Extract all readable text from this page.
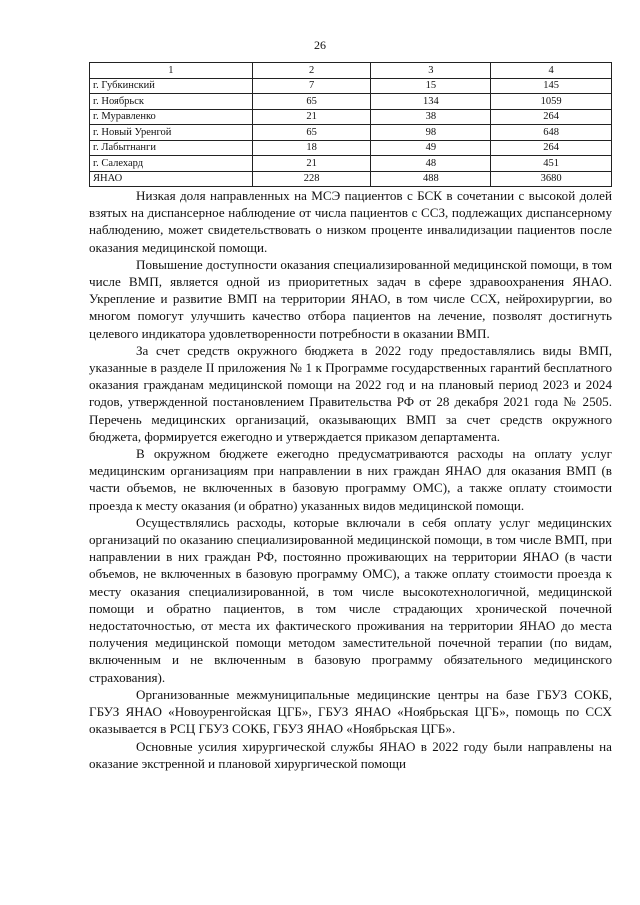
26
1	2	3	4
г. Губкинский	7	15	145
г. Ноябрьск	65	134	1059
г. Муравленко	21	38	264
г. Новый Уренгой	65	98	648
г. Лабытнанги	18	49	264
г. Салехард	21	48	451
ЯНАО	228	488	3680

Низкая доля направленных на МСЭ пациентов с БСК в сочетании с высокой долей взятых на диспансерное наблюдение от числа пациентов с ССЗ, подлежащих диспансерному наблюдению, может свидетельствовать о низком проценте инвалидизации пациентов после оказания медицинской помощи.

Повышение доступности оказания специализированной медицинской помощи, в том числе ВМП, является одной из приоритетных задач в сфере здравоохранения ЯНАО. Укрепление и развитие ВМП на территории ЯНАО, в том числе ССХ, нейрохирургии, во многом помогут улучшить качество отбора пациентов на лечение, позволят достигнуть целевого индикатора удовлетворенности потребности в оказании ВМП.

За счет средств окружного бюджета в 2022 году предоставлялись виды ВМП, указанные в разделе II приложения № 1 к Программе государственных гарантий бесплатного оказания гражданам медицинской помощи на 2022 год и на плановый период 2023 и 2024 годов, утвержденной постановлением Правительства РФ от 28 декабря 2021 года № 2505. Перечень медицинских организаций, оказывающих ВМП за счет средств окружного бюджета, формируется ежегодно и утверждается приказом департамента.

В окружном бюджете ежегодно предусматриваются расходы на оплату услуг медицинским организациям при направлении в них граждан ЯНАО для оказания ВМП (в части объемов, не включенных в базовую программу ОМС), а также оплату стоимости проезда к месту оказания (и обратно) указанных видов медицинской помощи.

Осуществлялись расходы, которые включали в себя оплату услуг медицинских организаций по оказанию специализированной медицинской помощи, в том числе ВМП, при направлении в них граждан РФ, постоянно проживающих на территории ЯНАО (в части объемов, не включенных в базовую программу ОМС), а также оплату стоимости проезда к месту оказания специализированной, в том числе высокотехнологичной, медицинской помощи и обратно пациентов, в том числе страдающих хронической почечной недостаточностью, от места их фактического проживания на территории ЯНАО до места получения медицинской помощи методом заместительной почечной терапии (по видам, включенным и не включенным в базовую программу обязательного медицинского страхования).

Организованные межмуниципальные медицинские центры на базе ГБУЗ СОКБ, ГБУЗ ЯНАО «Новоуренгойская ЦГБ», ГБУЗ ЯНАО «Ноябрьская ЦГБ», помощь по ССХ оказывается в РСЦ ГБУЗ СОКБ, ГБУЗ ЯНАО «Ноябрьская ЦГБ».

Основные усилия хирургической службы ЯНАО в 2022 году были направлены на оказание экстренной и плановой хирургической помощи
